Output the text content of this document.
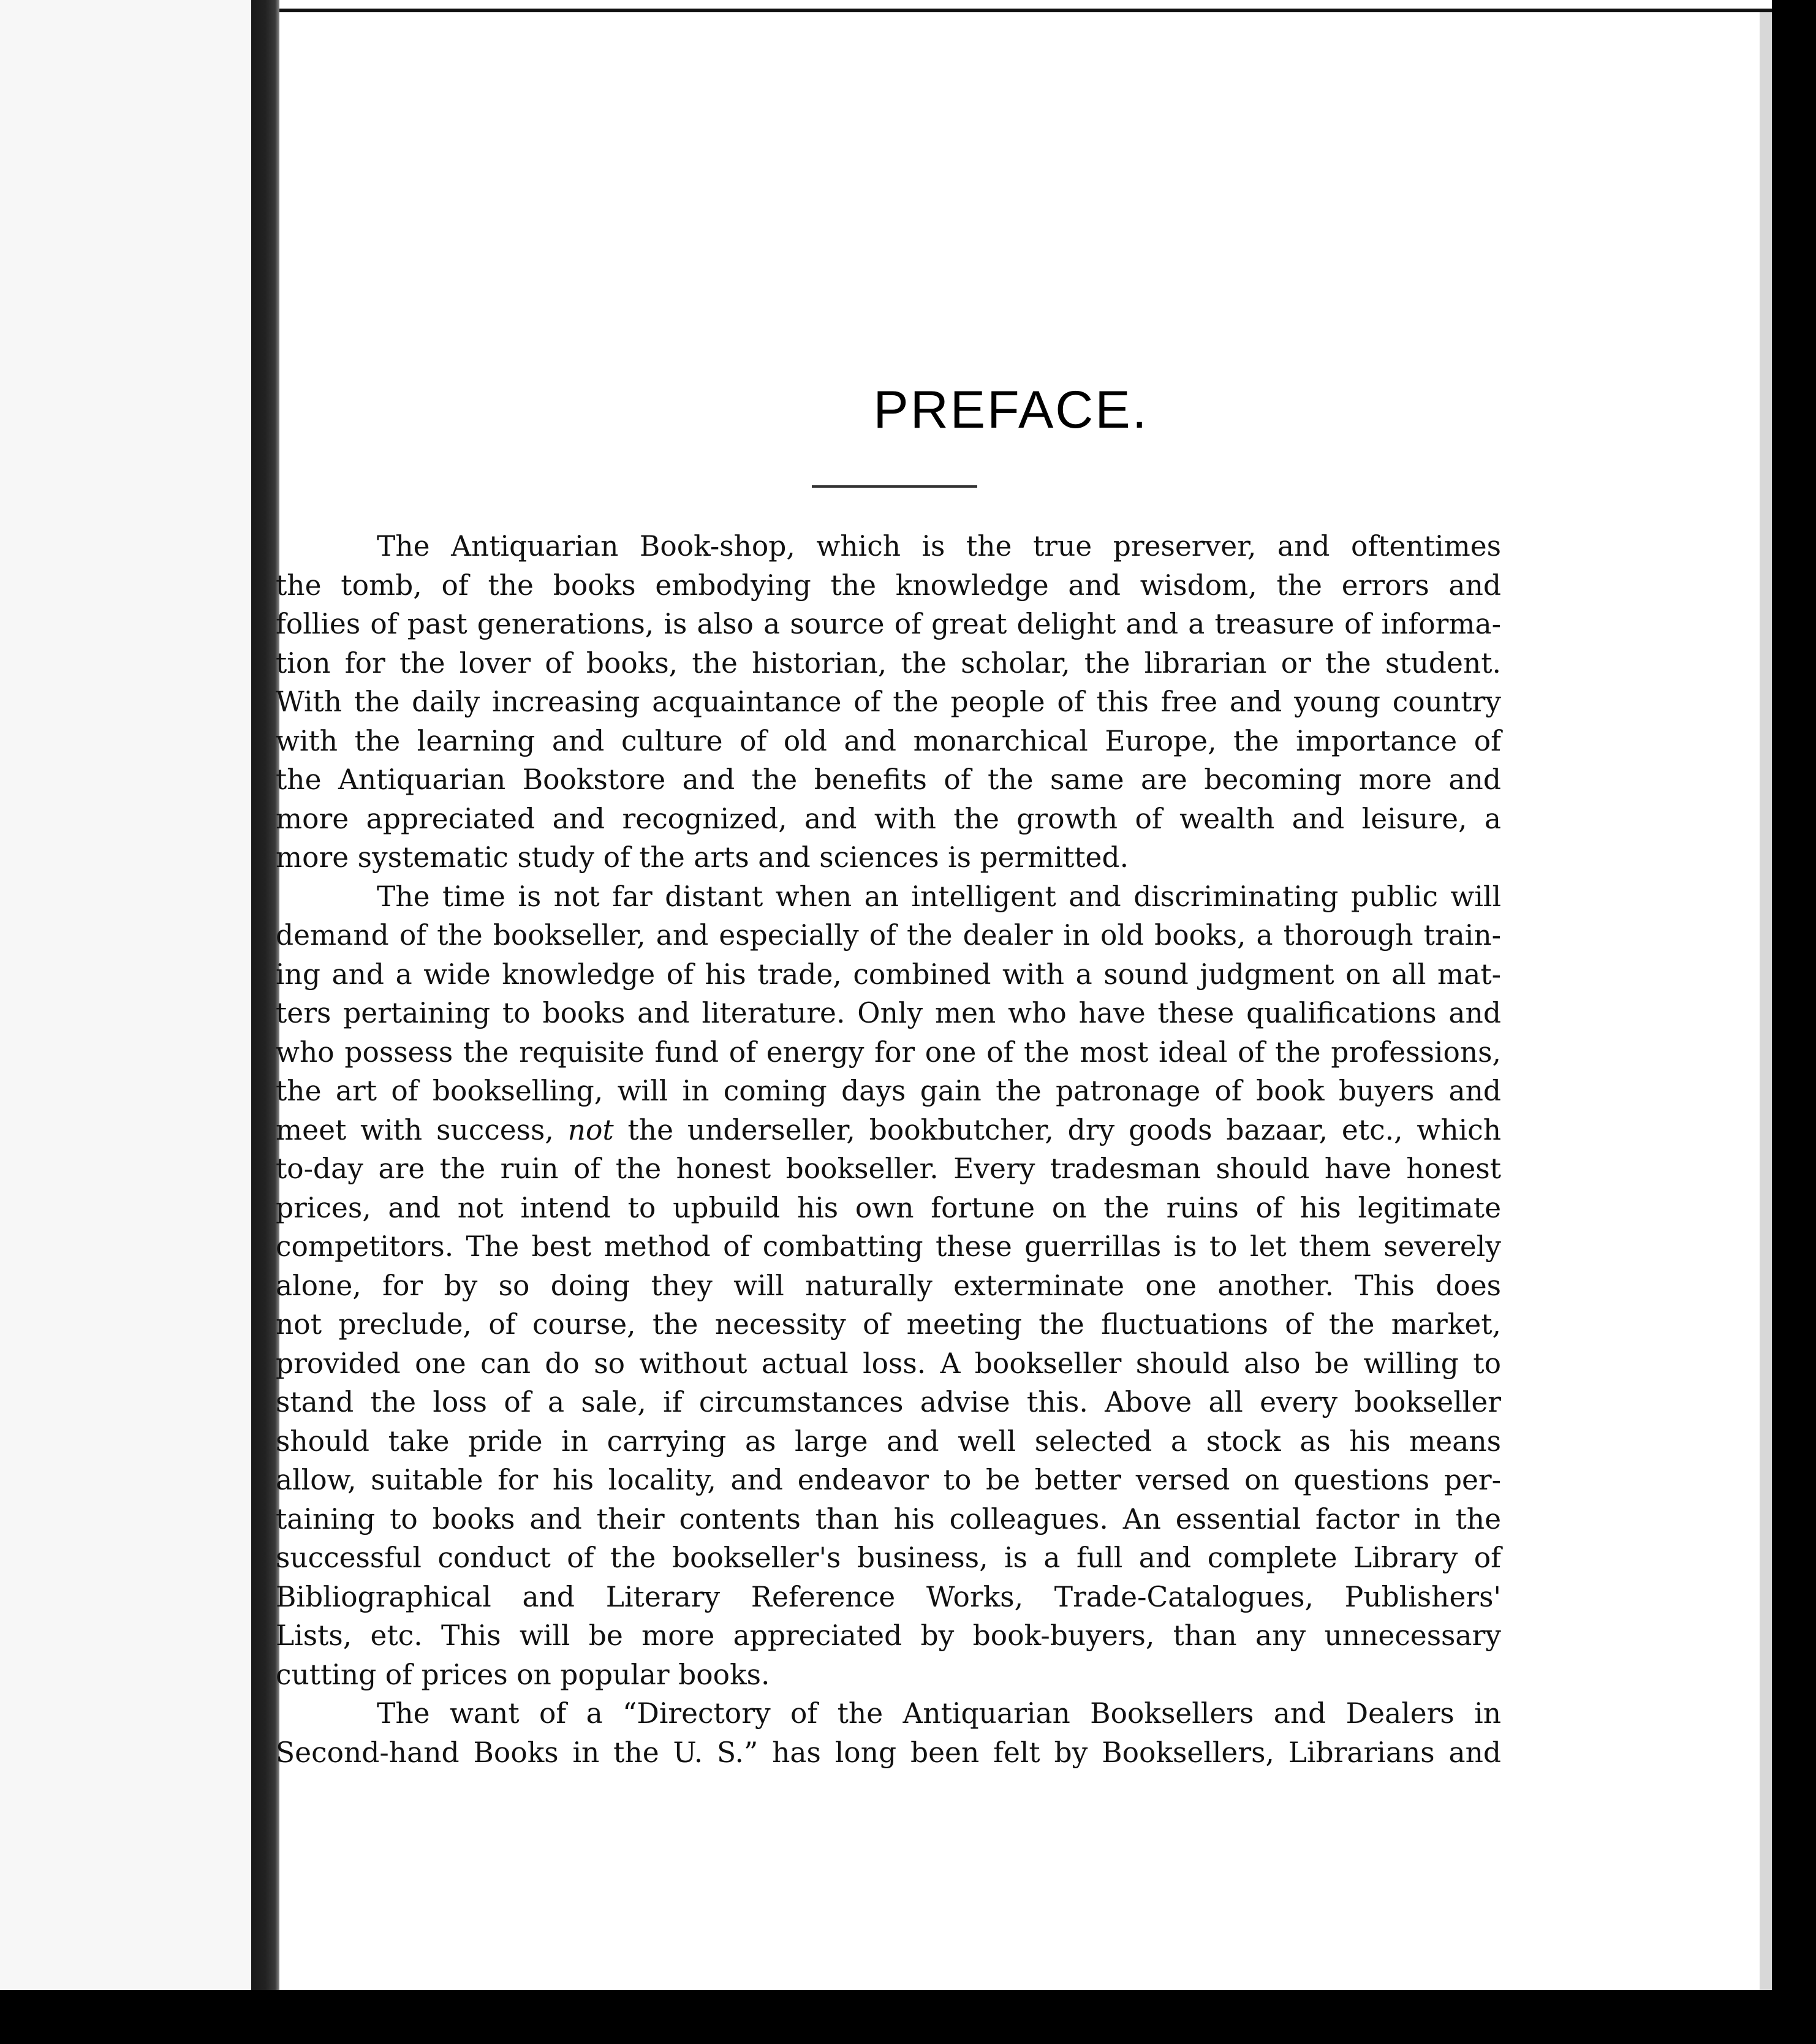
PREFACE.
The Antiquarian Book-shop, which is the true preserver, and oftentimes
the tomb, of the books embodying the knowledge and wisdom, the errors and
follies of past generations, is also a source of great delight and a treasure of informa-
tion for the lover of books, the historian, the scholar, the librarian or the student.
With the daily increasing acquaintance of the people of this free and young country
with the learning and culture of old and monarchical Europe, the importance of
the Antiquarian Bookstore and the benefits of the same are becoming more and
more appreciated and recognized, and with the growth of wealth and leisure, a
more systematic study of the arts and sciences is permitted.
The time is not far distant when an intelligent and discriminating public will
demand of the bookseller, and especially of the dealer in old books, a thorough train-
ing and a wide knowledge of his trade, combined with a sound judgment on all mat-
ters pertaining to books and literature. Only men who have these qualifications and
who possess the requisite fund of energy for one of the most ideal of the professions,
the art of bookselling, will in coming days gain the patronage of book buyers and
meet with success, not the underseller, bookbutcher, dry goods bazaar, etc., which
to-day are the ruin of the honest bookseller. Every tradesman should have honest
prices, and not intend to upbuild his own fortune on the ruins of his legitimate
competitors. The best method of combatting these guerrillas is to let them severely
alone, for by so doing they will naturally exterminate one another. This does
not preclude, of course, the necessity of meeting the fluctuations of the market,
provided one can do so without actual loss. A bookseller should also be willing to
stand the loss of a sale, if circumstances advise this. Above all every bookseller
should take pride in carrying as large and well selected a stock as his means
allow, suitable for his locality, and endeavor to be better versed on questions per-
taining to books and their contents than his colleagues. An essential factor in the
successful conduct of the bookseller's business, is a full and complete Library of
Bibliographical and Literary Reference Works, Trade-Catalogues, Publishers'
Lists, etc. This will be more appreciated by book-buyers, than any unnecessary
cutting of prices on popular books.
The want of a “Directory of the Antiquarian Booksellers and Dealers in
Second-hand Books in the U. S.” has long been felt by Booksellers, Librarians and
